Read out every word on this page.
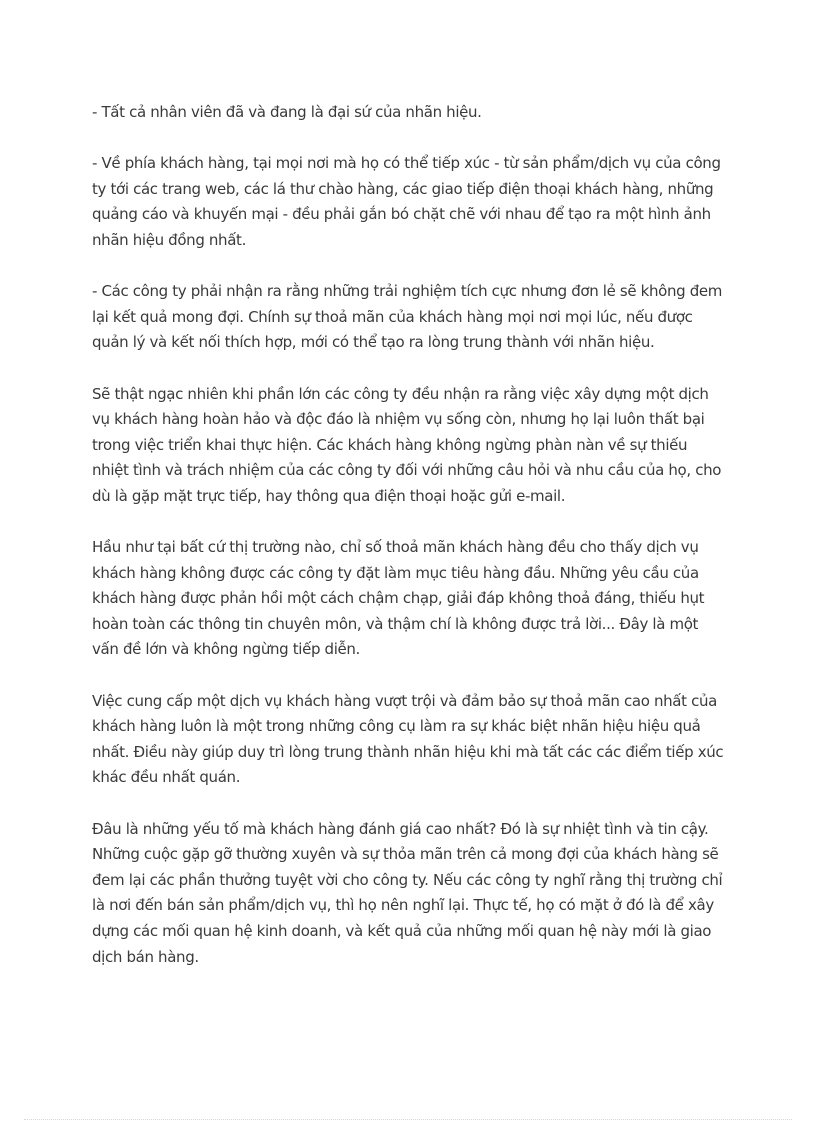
- Tất cả nhân viên đã và đang là đại sứ của nhãn hiệu.

- Về phía khách hàng, tại mọi nơi mà họ có thể tiếp xúc - từ sản phẩm/dịch vụ của công ty tới các trang web, các lá thư chào hàng, các giao tiếp điện thoại khách hàng, những quảng cáo và khuyến mại - đều phải gắn bó chặt chẽ với nhau để tạo ra một hình ảnh nhãn hiệu đồng nhất.

- Các công ty phải nhận ra rằng những trải nghiệm tích cực nhưng đơn lẻ sẽ không đem lại kết quả mong đợi. Chính sự thoả mãn của khách hàng mọi nơi mọi lúc, nếu được quản lý và kết nối thích hợp, mới có thể tạo ra lòng trung thành với nhãn hiệu.

Sẽ thật ngạc nhiên khi phần lớn các công ty đều nhận ra rằng việc xây dựng một dịch vụ khách hàng hoàn hảo và độc đáo là nhiệm vụ sống còn, nhưng họ lại luôn thất bại trong việc triển khai thực hiện. Các khách hàng không ngừng phàn nàn về sự thiếu nhiệt tình và trách nhiệm của các công ty đối với những câu hỏi và nhu cầu của họ, cho dù là gặp mặt trực tiếp, hay thông qua điện thoại hoặc gửi e-mail.

Hầu như tại bất cứ thị trường nào, chỉ số thoả mãn khách hàng đều cho thấy dịch vụ khách hàng không được các công ty đặt làm mục tiêu hàng đầu. Những yêu cầu của khách hàng được phản hồi một cách chậm chạp, giải đáp không thoả đáng, thiếu hụt hoàn toàn các thông tin chuyên môn, và thậm chí là không được trả lời... Đây là một vấn đề lớn và không ngừng tiếp diễn.

Việc cung cấp một dịch vụ khách hàng vượt trội và đảm bảo sự thoả mãn cao nhất của khách hàng luôn là một trong những công cụ làm ra sự khác biệt nhãn hiệu hiệu quả nhất. Điều này giúp duy trì lòng trung thành nhãn hiệu khi mà tất các các điểm tiếp xúc khác đều nhất quán.

Đâu là những yếu tố mà khách hàng đánh giá cao nhất? Đó là sự nhiệt tình và tin cậy. Những cuộc gặp gỡ thường xuyên và sự thỏa mãn trên cả mong đợi của khách hàng sẽ đem lại các phần thưởng tuyệt vời cho công ty. Nếu các công ty nghĩ rằng thị trường chỉ là nơi đến bán sản phẩm/dịch vụ, thì họ nên nghĩ lại. Thực tế, họ có mặt ở đó là để xây dựng các mối quan hệ kinh doanh, và kết quả của những mối quan hệ này mới là giao dịch bán hàng.
